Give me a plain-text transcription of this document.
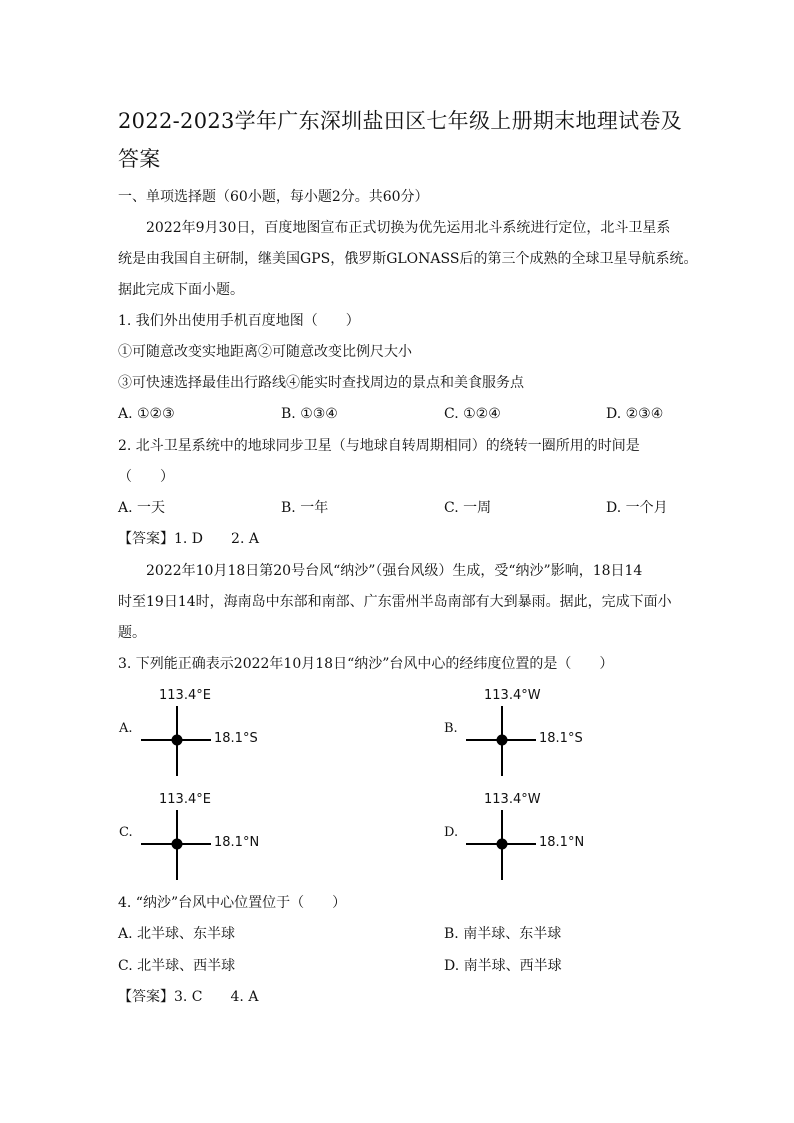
2022-2023学年广东深圳盐田区七年级上册期末地理试卷及答案
一、单项选择题（60小题，每小题2分。共60分）
2022年9月30日，百度地图宣布正式切换为优先运用北斗系统进行定位，北斗卫星系
统是由我国自主研制，继美国GPS，俄罗斯GLONASS后的第三个成熟的全球卫星导航系统。
据此完成下面小题。
1. 我们外出使用手机百度地图（　　）
①可随意改变实地距离②可随意改变比例尺大小
③可快速选择最佳出行路线④能实时查找周边的景点和美食服务点
A. ①②③	B. ①③④	C. ①②④	D. ②③④
2. 北斗卫星系统中的地球同步卫星（与地球自转周期相同）的绕转一圈所用的时间是
（　　）
A. 一天	B. 一年	C. 一周	D. 一个月
【答案】1. D　　2. A
2022年10月18日第20号台风“纳沙”（强台风级）生成，受“纳沙”影响，18日14
时至19日14时，海南岛中东部和南部、广东雷州半岛南部有大到暴雨。据此，完成下面小
题。
3. 下列能正确表示2022年10月18日“纳沙”台风中心的经纬度位置的是（　　）
A.
113.4°E
18.1°S
B.
113.4°W
18.1°S
C.
113.4°E
18.1°N
D.
113.4°W
18.1°N
4. “纳沙”台风中心位置位于（　　）
A. 北半球、东半球	B. 南半球、东半球
C. 北半球、西半球	D. 南半球、西半球
【答案】3. C　　4. A
